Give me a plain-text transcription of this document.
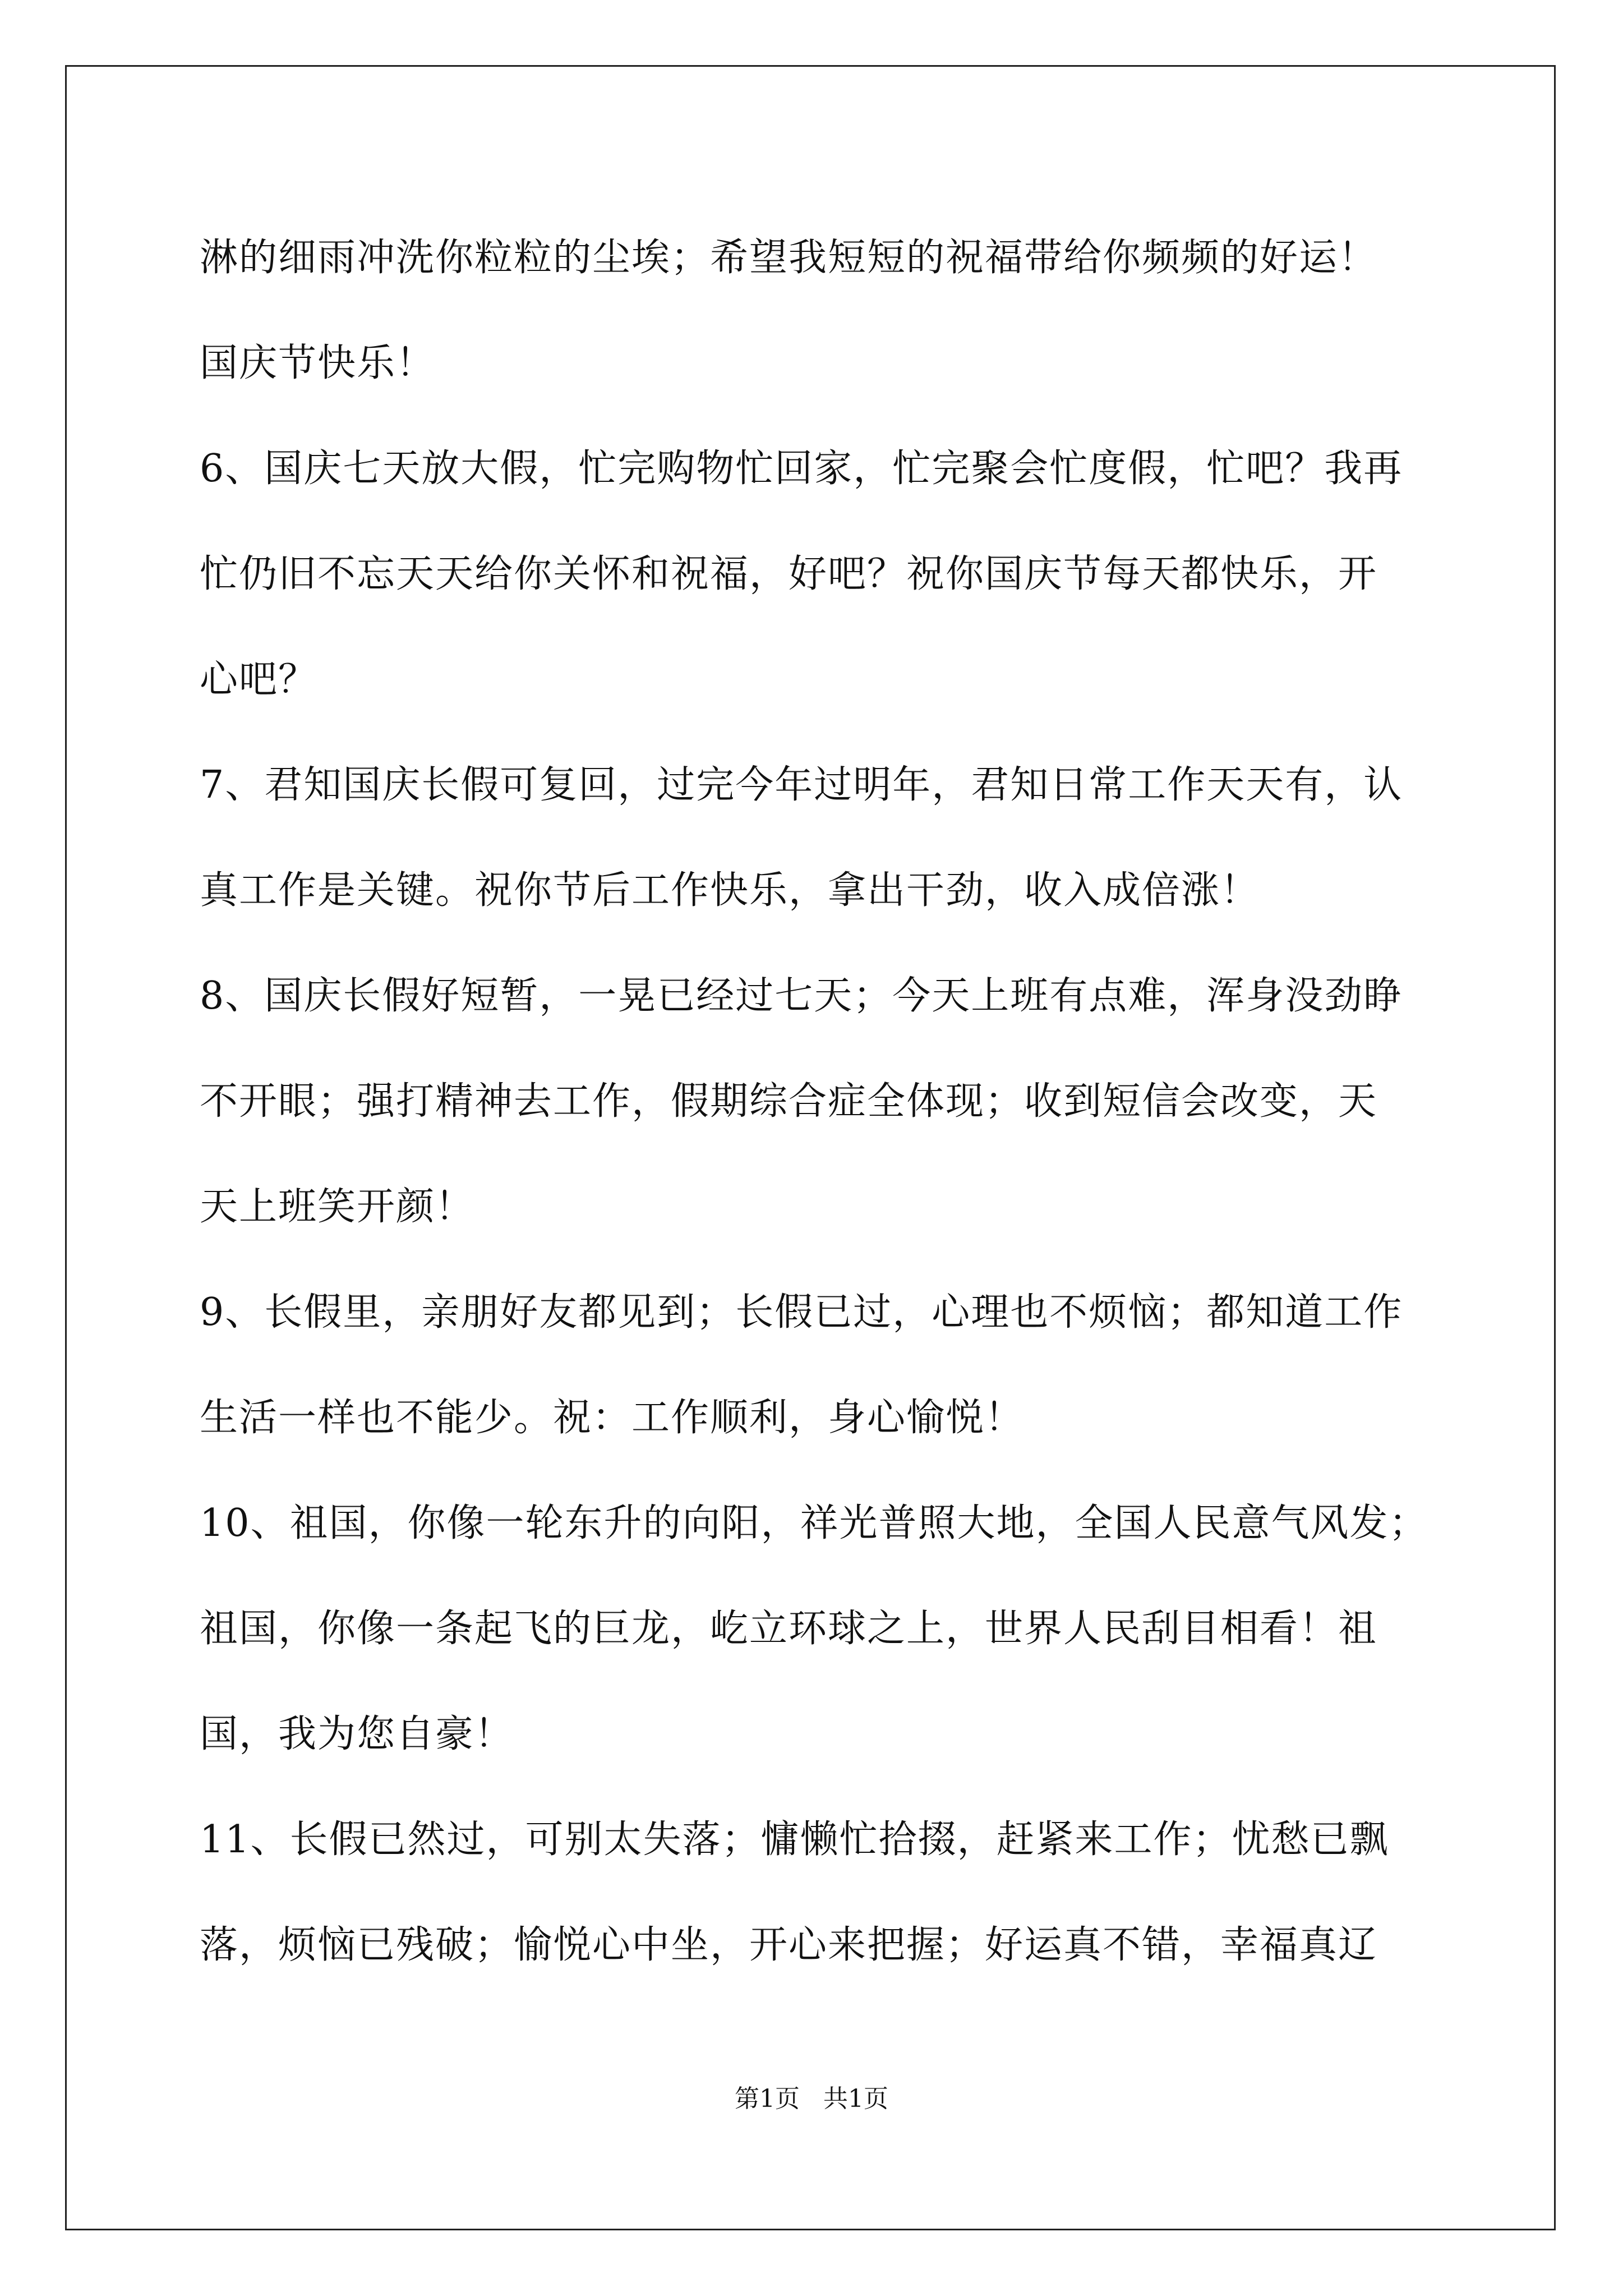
淋的细雨冲洗你粒粒的尘埃；希望我短短的祝福带给你频频的好运！
国庆节快乐！
6、国庆七天放大假，忙完购物忙回家，忙完聚会忙度假，忙吧？我再
忙仍旧不忘天天给你关怀和祝福，好吧？祝你国庆节每天都快乐，开
心吧？
7、君知国庆长假可复回，过完今年过明年，君知日常工作天天有，认
真工作是关键。祝你节后工作快乐，拿出干劲，收入成倍涨！
8、国庆长假好短暂，一晃已经过七天；今天上班有点难，浑身没劲睁
不开眼；强打精神去工作，假期综合症全体现；收到短信会改变，天
天上班笑开颜！
9、长假里，亲朋好友都见到；长假已过，心理也不烦恼；都知道工作
生活一样也不能少。祝：工作顺利，身心愉悦！
10、祖国，你像一轮东升的向阳，祥光普照大地，全国人民意气风发；
祖国，你像一条起飞的巨龙，屹立环球之上，世界人民刮目相看！祖
国，我为您自豪！
11、长假已然过，可别太失落；慵懒忙拾掇，赶紧来工作；忧愁已飘
落，烦恼已残破；愉悦心中坐，开心来把握；好运真不错，幸福真辽
第1页   共1页
